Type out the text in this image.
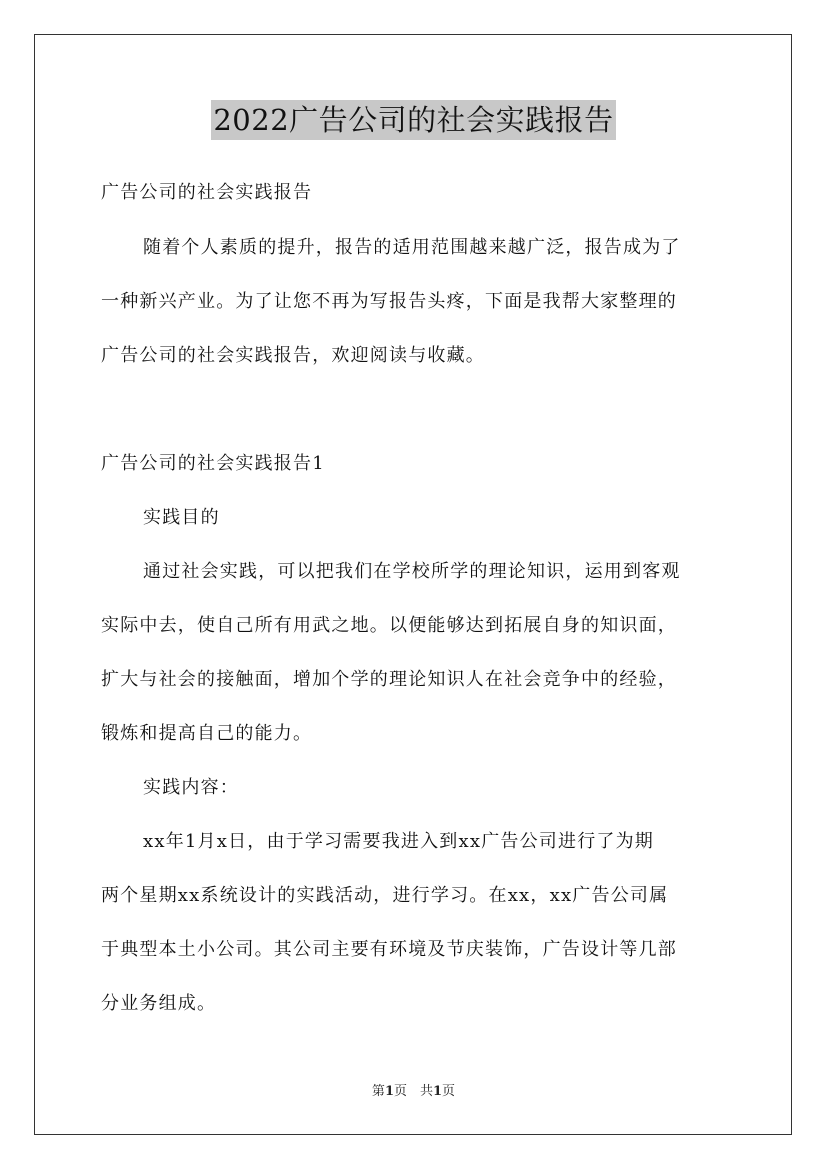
2022广告公司的社会实践报告
广告公司的社会实践报告
随着个人素质的提升，报告的适用范围越来越广泛，报告成为了
一种新兴产业。为了让您不再为写报告头疼，下面是我帮大家整理的
广告公司的社会实践报告，欢迎阅读与收藏。
广告公司的社会实践报告1
实践目的
通过社会实践，可以把我们在学校所学的理论知识，运用到客观
实际中去，使自己所有用武之地。以便能够达到拓展自身的知识面，
扩大与社会的接触面，增加个学的理论知识人在社会竞争中的经验，
锻炼和提高自己的能力。
实践内容：
xx年1月x日，由于学习需要我进入到xx广告公司进行了为期
两个星期xx系统设计的实践活动，进行学习。在xx，xx广告公司属
于典型本土小公司。其公司主要有环境及节庆装饰，广告设计等几部
分业务组成。
第1页　共1页
